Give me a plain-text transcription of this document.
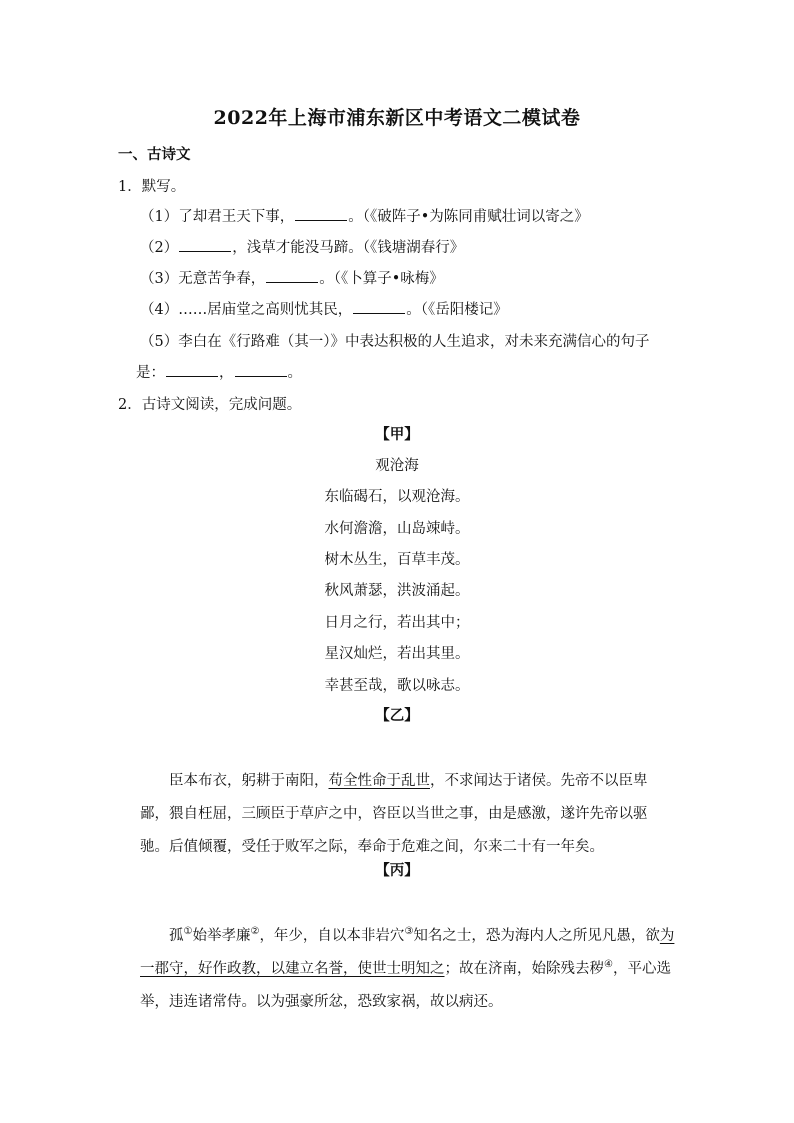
2022年上海市浦东新区中考语文二模试卷
一、古诗文
1．默写。
（1）了却君王天下事，	。（《破阵子•为陈同甫赋壮词以寄之》
（2）	，浅草才能没马蹄。（《钱塘湖春行》
（3）无意苦争春，	。（《卜算子•咏梅》
（4）……居庙堂之高则忧其民，	。（《岳阳楼记》
（5）李白在《行路难（其一）》中表达积极的人生追求，对未来充满信心的句子
是：	，	。
2．古诗文阅读，完成问题。
【甲】
观沧海
东临碣石，以观沧海。
水何澹澹，山岛竦峙。
树木丛生，百草丰茂。
秋风萧瑟，洪波涌起。
日月之行，若出其中；
星汉灿烂，若出其里。
幸甚至哉，歌以咏志。
【乙】
臣本布衣，躬耕于南阳，苟全性命于乱世，不求闻达于诸侯。先帝不以臣卑鄙，猥自枉屈，三顾臣于草庐之中，咨臣以当世之事，由是感激，遂许先帝以驱驰。后值倾覆，受任于败军之际，奉命于危难之间，尔来二十有一年矣。
【丙】
孤①始举孝廉②，年少，自以本非岩穴③知名之士，恐为海内人之所见凡愚，欲为一郡守，好作政教，以建立名誉，使世士明知之；故在济南，始除残去秽④，平心选举，违连诸常侍。以为强豪所忿，恐致家祸，故以病还。
